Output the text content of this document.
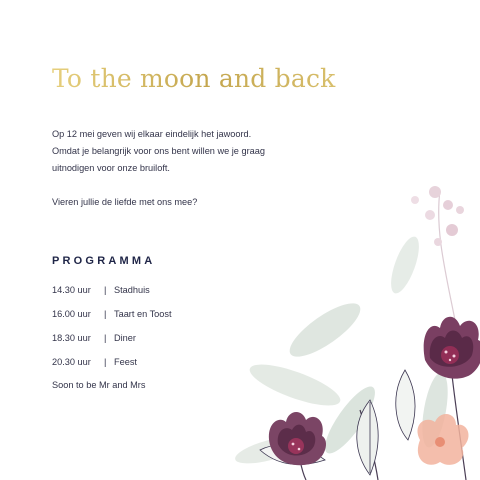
To the moon and back

Op 12 mei geven wij elkaar eindelijk het jawoord.

Omdat je belangrijk voor ons bent willen we je graag

uitnodigen voor onze bruiloft.

Vieren jullie de liefde met ons mee?

PROGRAMMA
14.30 uur	| Stadhuis
16.00 uur	| Taart en Toost
18.30 uur	| Diner
20.30 uur	| Feest
Soon to be Mr and Mrs
